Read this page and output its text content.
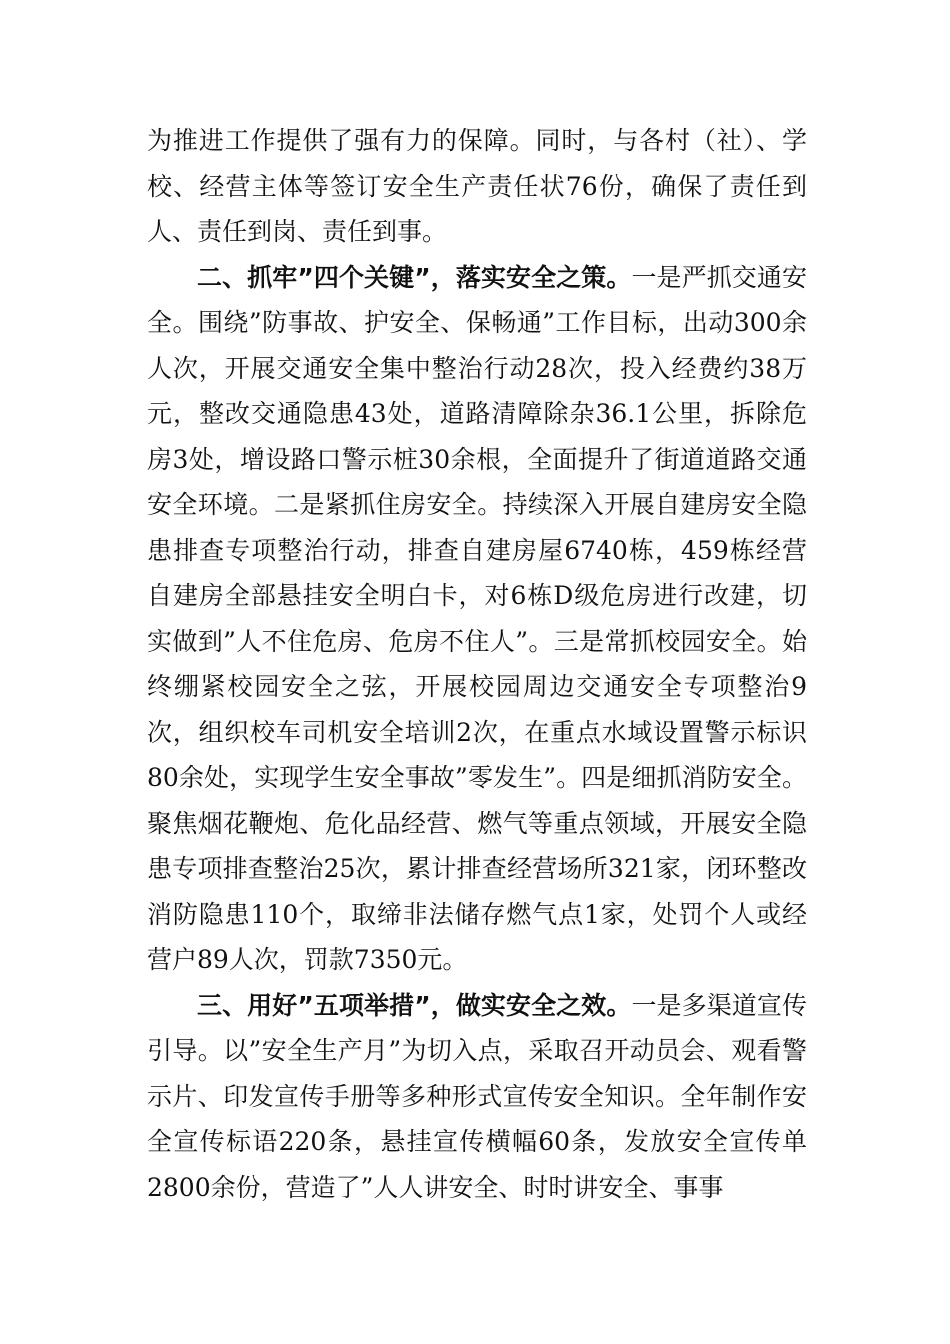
为推进工作提供了强有力的保障。同时，与各村（社）、学校、经营主体等签订安全生产责任状76份，确保了责任到人、责任到岗、责任到事。

二、抓牢”四个关键”，落实安全之策。一是严抓交通安全。围绕”防事故、护安全、保畅通”工作目标，出动300余人次，开展交通安全集中整治行动28次，投入经费约38万元，整改交通隐患43处，道路清障除杂36.1公里，拆除危房3处，增设路口警示桩30余根，全面提升了街道道路交通安全环境。二是紧抓住房安全。持续深入开展自建房安全隐患排查专项整治行动，排查自建房屋6740栋，459栋经营自建房全部悬挂安全明白卡，对6栋D级危房进行改建，切实做到”人不住危房、危房不住人”。三是常抓校园安全。始终绷紧校园安全之弦，开展校园周边交通安全专项整治9次，组织校车司机安全培训2次，在重点水域设置警示标识80余处，实现学生安全事故”零发生”。四是细抓消防安全。聚焦烟花鞭炮、危化品经营、燃气等重点领域，开展安全隐患专项排查整治25次，累计排查经营场所321家，闭环整改消防隐患110个，取缔非法储存燃气点1家，处罚个人或经营户89人次，罚款7350元。

三、用好”五项举措”，做实安全之效。一是多渠道宣传引导。以”安全生产月”为切入点，采取召开动员会、观看警示片、印发宣传手册等多种形式宣传安全知识。全年制作安全宣传标语220条，悬挂宣传横幅60条，发放安全宣传单2800余份，营造了”人人讲安全、时时讲安全、事事
